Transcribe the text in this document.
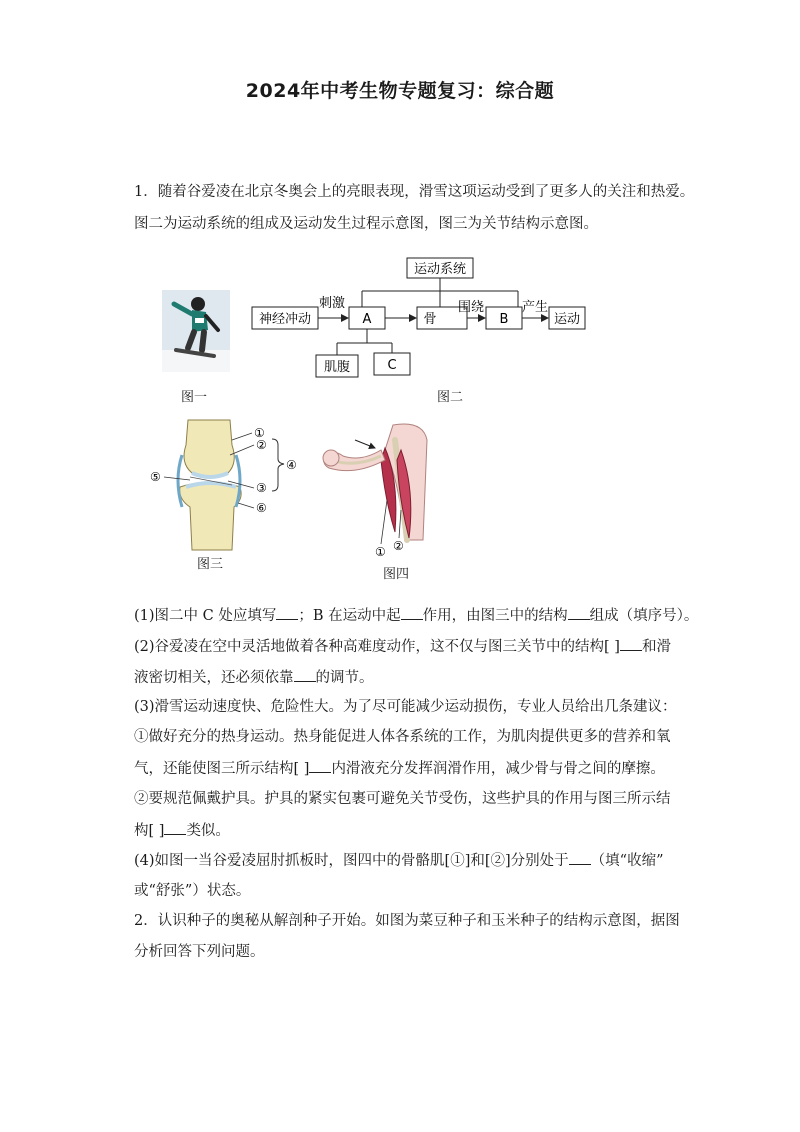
2024年中考生物专题复习：综合题
1．随着谷爱凌在北京冬奥会上的亮眼表现，滑雪这项运动受到了更多人的关注和热爱。
图二为运动系统的组成及运动发生过程示意图，图三为关节结构示意图。
图一
运动系统
神经冲动
刺激
A	骨
围绕
B
产生
运动
肌腹	C
图二
①
②
③
④
⑤
⑥
图三
① ②
图四
(1)图二中 C 处应填写 ；B 在运动中起 作用，由图三中的结构 组成（填序号）。
(2)谷爱凌在空中灵活地做着各种高难度动作，这不仅与图三关节中的结构[ ] 和滑
液密切相关，还必须依靠 的调节。
(3)滑雪运动速度快、危险性大。为了尽可能减少运动损伤，专业人员给出几条建议：
①做好充分的热身运动。热身能促进人体各系统的工作，为肌肉提供更多的营养和氧
气，还能使图三所示结构[ ] 内滑液充分发挥润滑作用，减少骨与骨之间的摩擦。
②要规范佩戴护具。护具的紧实包裹可避免关节受伤，这些护具的作用与图三所示结
构[ ] 类似。
(4)如图一当谷爱凌屈肘抓板时，图四中的骨骼肌[①]和[②]分别处于 （填“收缩”
或“舒张”）状态。
2．认识种子的奥秘从解剖种子开始。如图为菜豆种子和玉米种子的结构示意图，据图
分析回答下列问题。
